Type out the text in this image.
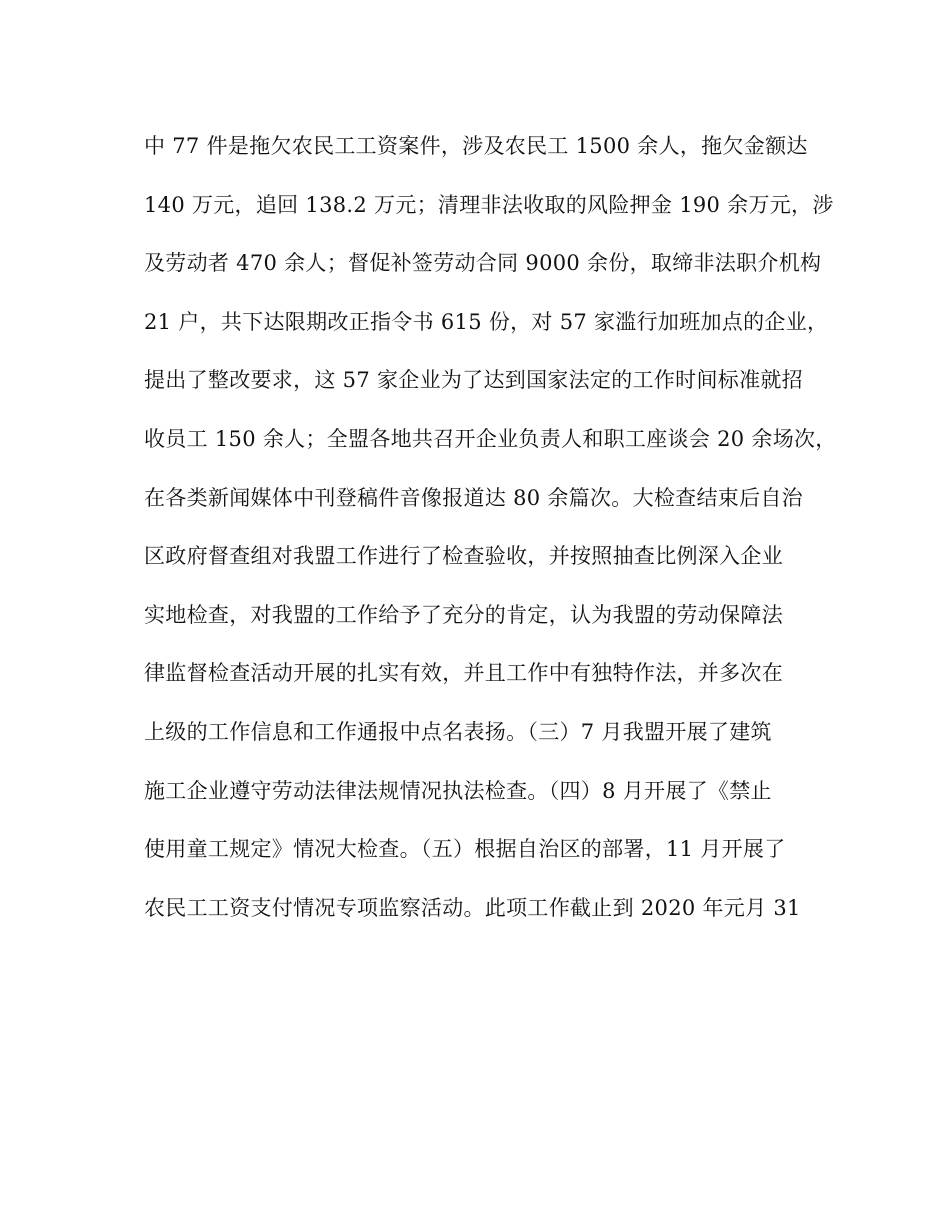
中 77 件是拖欠农民工工资案件，涉及农民工 1500 余人，拖欠金额达
140 万元，追回 138.2 万元；清理非法收取的风险押金 190 余万元，涉
及劳动者 470 余人；督促补签劳动合同 9000 余份，取缔非法职介机构
21 户，共下达限期改正指令书 615 份，对 57 家滥行加班加点的企业，
提出了整改要求，这 57 家企业为了达到国家法定的工作时间标准就招
收员工 150 余人；全盟各地共召开企业负责人和职工座谈会 20 余场次，
在各类新闻媒体中刊登稿件音像报道达 80 余篇次。大检查结束后自治
区政府督查组对我盟工作进行了检查验收，并按照抽查比例深入企业
实地检查，对我盟的工作给予了充分的肯定，认为我盟的劳动保障法
律监督检查活动开展的扎实有效，并且工作中有独特作法，并多次在
上级的工作信息和工作通报中点名表扬。（三）7 月我盟开展了建筑
施工企业遵守劳动法律法规情况执法检查。（四）8 月开展了《禁止
使用童工规定》情况大检查。（五）根据自治区的部署，11 月开展了
农民工工资支付情况专项监察活动。此项工作截止到 2020 年元月 31
